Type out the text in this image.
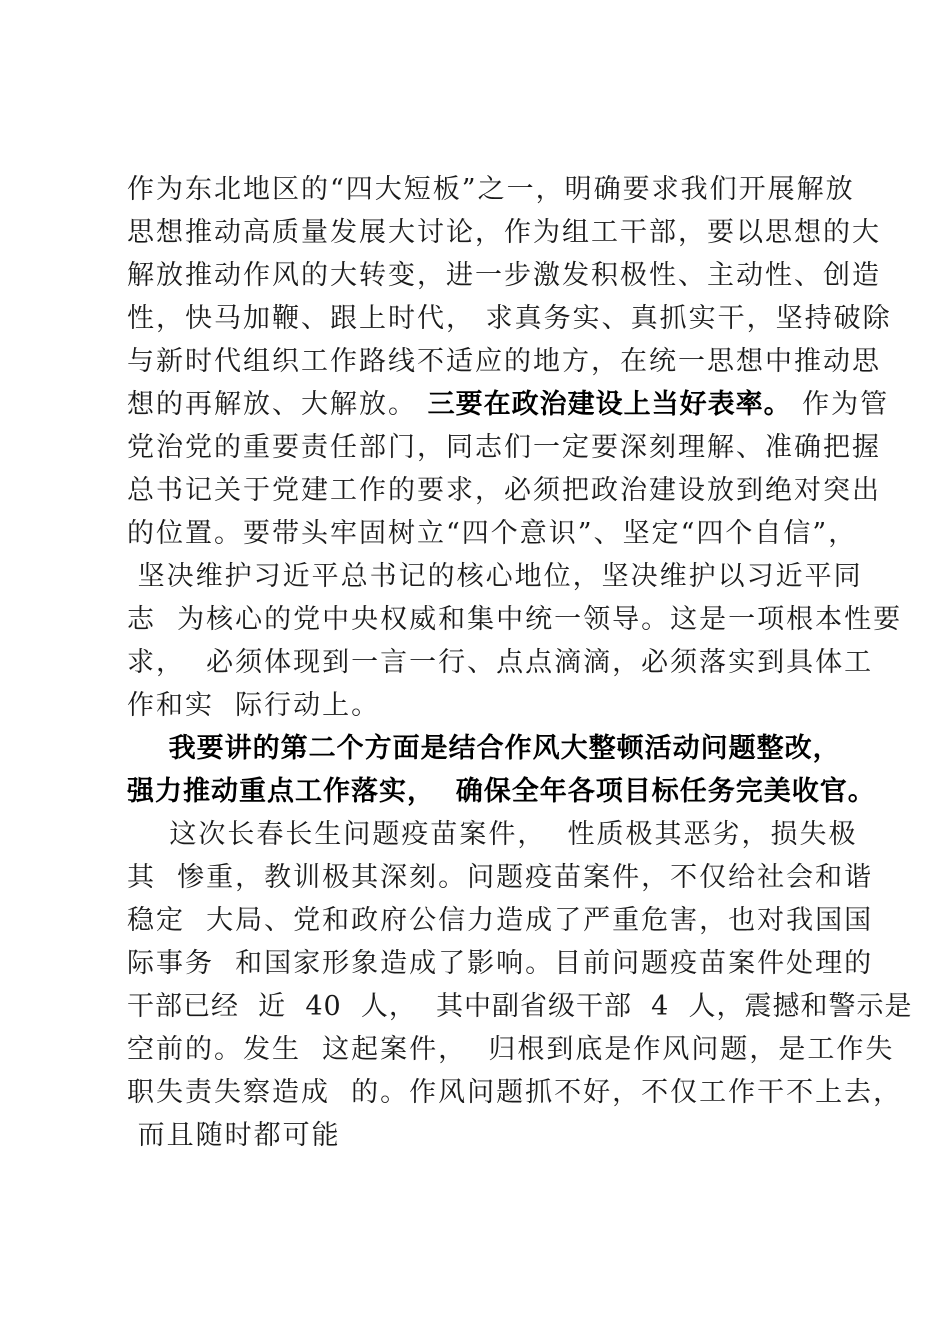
作为东北地区的“四大短板”之一，明确要求我们开展解放
思想推动高质量发展大讨论，作为组工干部，要以思想的大
解放推动作风的大转变，进一步激发积极性、主动性、创造
性，快马加鞭、跟上时代， 求真务实、真抓实干，坚持破除
与新时代组织工作路线不适应的地方，在统一思想中推动思
想的再解放、大解放。 三要在政治建设上当好表率。 作为管
党治党的重要责任部门，同志们一定要深刻理解、准确把握
总书记关于党建工作的要求，必须把政治建设放到绝对突出
的位置。要带头牢固树立“四个意识”、坚定“四个自信”，
坚决维护习近平总书记的核心地位，坚决维护以习近平同
志  为核心的党中央权威和集中统一领导。这是一项根本性要
求，  必须体现到一言一行、点点滴滴，必须落实到具体工
作和实  际行动上。
我要讲的第二个方面是结合作风大整顿活动问题整改，
强力推动重点工作落实，  确保全年各项目标任务完美收官。
这次长春长生问题疫苗案件，  性质极其恶劣，损失极
其  惨重，教训极其深刻。问题疫苗案件，不仅给社会和谐
稳定  大局、党和政府公信力造成了严重危害，也对我国国
际事务  和国家形象造成了影响。目前问题疫苗案件处理的
干部已经  近  40  人，  其中副省级干部  4  人，震撼和警示是
空前的。发生  这起案件，  归根到底是作风问题，是工作失
职失责失察造成  的。作风问题抓不好，不仅工作干不上去，
而且随时都可能
